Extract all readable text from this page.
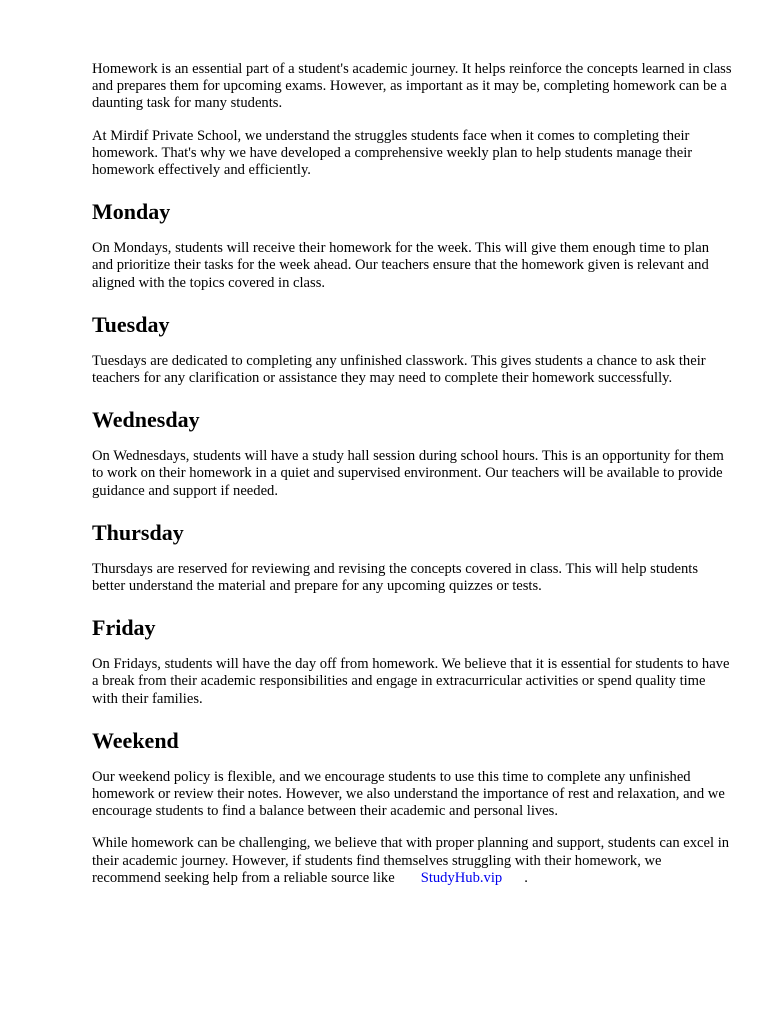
Homework is an essential part of a student's academic journey. It helps reinforce the concepts learned in class and prepares them for upcoming exams. However, as important as it may be, completing homework can be a daunting task for many students.

At Mirdif Private School, we understand the struggles students face when it comes to completing their homework. That's why we have developed a comprehensive weekly plan to help students manage their homework effectively and efficiently.

Monday

On Mondays, students will receive their homework for the week. This will give them enough time to plan and prioritize their tasks for the week ahead. Our teachers ensure that the homework given is relevant and aligned with the topics covered in class.

Tuesday

Tuesdays are dedicated to completing any unfinished classwork. This gives students a chance to ask their teachers for any clarification or assistance they may need to complete their homework successfully.

Wednesday

On Wednesdays, students will have a study hall session during school hours. This is an opportunity for them to work on their homework in a quiet and supervised environment. Our teachers will be available to provide guidance and support if needed.

Thursday

Thursdays are reserved for reviewing and revising the concepts covered in class. This will help students better understand the material and prepare for any upcoming quizzes or tests.

Friday

On Fridays, students will have the day off from homework. We believe that it is essential for students to have a break from their academic responsibilities and engage in extracurricular activities or spend quality time with their families.

Weekend

Our weekend policy is flexible, and we encourage students to use this time to complete any unfinished homework or review their notes. However, we also understand the importance of rest and relaxation, and we encourage students to find a balance between their academic and personal lives.

While homework can be challenging, we believe that with proper planning and support, students can excel in their academic journey. However, if students find themselves struggling with their homework, we recommend seeking help from a reliable source like StudyHub.vip .
